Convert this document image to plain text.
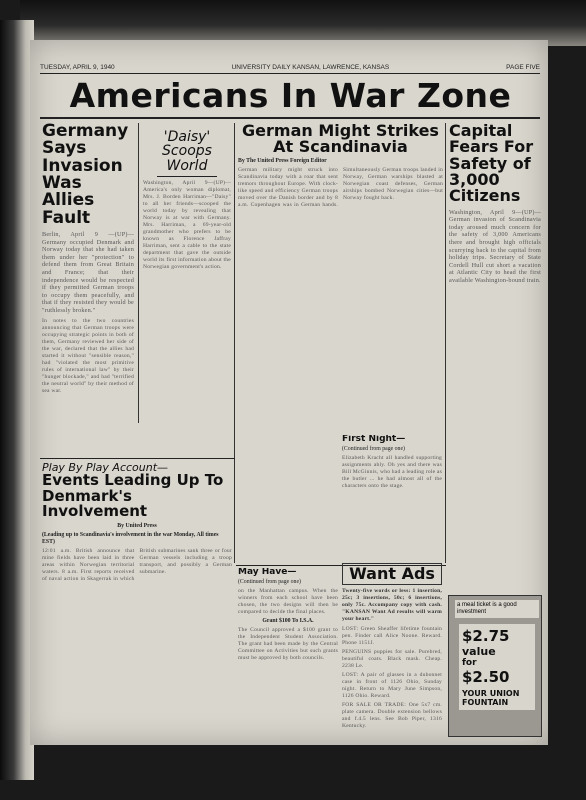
TUESDAY, APRIL 9, 1940	UNIVERSITY DAILY KANSAN, LAWRENCE, KANSAS	PAGE FIVE
Americans In War Zone
Germany Says Invasion Was Allies Fault
Berlin, April 9 —(UP)— Germany occupied Denmark and Norway today that she had taken them under her "protection" to defend them from Great Britain and France; that their independence would be respected if they permitted German troops to occupy them peacefully, and that if they resisted they would be "ruthlessly broken."
In notes to the two countries announcing that German troops were occupying strategic points in both of them, Germany reviewed her side of the war, declared that the allies had started it without "sensible reason," had "violated the most primitive rules of international law" by their "hunger blockade," and had "terrified the neutral world" by their method of sea war.
'Daisy' Scoops World
Washington, April 9—(UP)—America's only woman diplomat, Mrs. J. Borden Harriman—"Daisy" to all her friends—scooped the world today by revealing that Norway is at war with Germany. Mrs. Harriman, a 69-year-old grandmother who prefers to be known as Florence Jaffray Harriman, sent a cable to the state department that gave the outside world its first information about the Norwegian government's action.
German Might Strikes At Scandinavia
By The United Press Foreign Editor
German military might struck into Scandinavia today with a roar that sent tremors throughout Europe. With clock-like speed and efficiency German troops moved over the Danish border and by 8 a.m. Copenhagen was in German hands. Simultaneously German troops landed in Norway, German warships blasted at Norwegian coast defenses, German airships bombed Norwegian cities—but Norway fought back.
Capital Fears For Safety of 3,000 Citizens
Washington, April 9—(UP)—German invasion of Scandinavia today aroused much concern for the safety of 3,000 Americans there and brought high officials scurrying back to the capital from holiday trips. Secretary of State Cordell Hull cut short a vacation at Atlantic City to head the first available Washington-bound train.
Play By Play Account—
Events Leading Up To Denmark's Involvement
By United Press
(Leading up to Scandinavia's involvement in the war Monday, All times EST)
12:01 a.m. British announce that mine fields have been laid in three areas within Norwegian territorial waters. 8 a.m. First reports received of naval action in Skagerrak in which British submarines sank three or four German vessels including a troop transport, and possibly a German submarine.	May Have—
(Continued from page one)
on the Manhattan campus. When the winners from each school have been chosen, the two designs will then be compared to decide the final places.
Grant $100 To I.S.A.
The Council approved a $100 grant to the Independent Student Association. The grant had been made by the Central Committee on Activities but such grants must be approved by both councils.
First Night—
(Continued from page one)
Elizabeth Kracht all handled supporting assignments ably. Oh yes and there was Bill McGinnis, who had a leading role as the butler ... he had almost all of the characters onto the stage.
Want Ads
Twenty-five words or less: 1 insertion, 25c; 3 insertions, 50c; 6 insertions, only 75c. Accompany copy with cash. "KANSAN Want Ad results will warm your heart."
LOST: Green Sheaffer lifetime fountain pen. Finder call Alice Noone. Reward. Phone 1151J.
PENGUINS puppies for sale. Purebred, beautiful coats. Black mask. Cheap. 2238 Le.
LOST: A pair of glasses in a dubonnet case in front of 1126 Ohio, Sunday night. Return to Mary June Simpson, 1126 Ohio. Reward.
FOR SALE OR TRADE: One 5x7 cm. plate camera. Double extension bellows and f.4.5 lens. See Bob Piper, 1316 Kentucky.
a meal ticket is a good investment
$2.75
value
for
$2.50
YOUR UNION FOUNTAIN
